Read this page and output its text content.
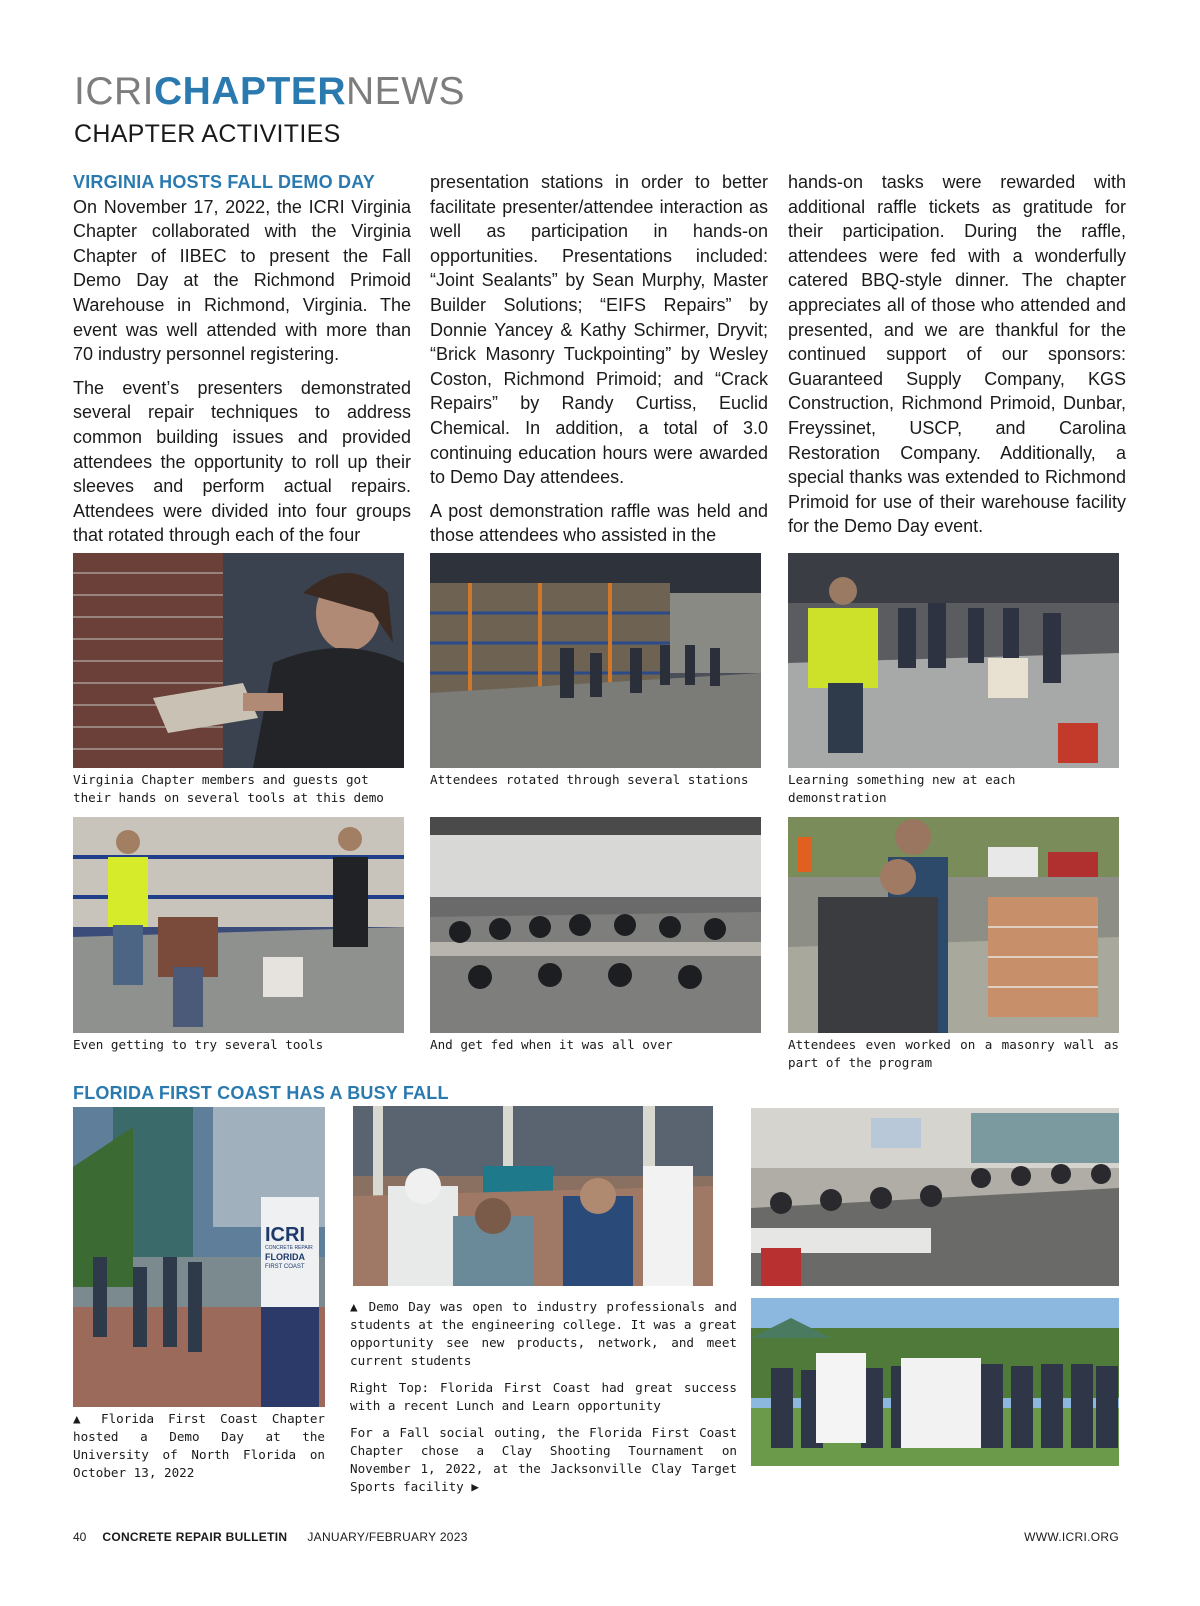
ICRICHAPTERNEWS
CHAPTER ACTIVITIES
VIRGINIA HOSTS FALL DEMO DAY

On November 17, 2022, the ICRI Virginia Chapter collaborated with the Virginia Chapter of IIBEC to present the Fall Demo Day at the Richmond Primoid Warehouse in Richmond, Virginia. The event was well attended with more than 70 industry personnel registering.

The event’s presenters demonstrated several repair techniques to address common building issues and provided attendees the opportunity to roll up their sleeves and perform actual repairs. Attendees were divided into four groups that rotated through each of the four

presentation stations in order to better facilitate presenter/attendee interaction as well as participation in hands-on opportunities. Presentations included: “Joint Sealants” by Sean Murphy, Master Builder Solutions; “EIFS Repairs” by Donnie Yancey & Kathy Schirmer, Dryvit; “Brick Masonry Tuckpointing” by Wesley Coston, Richmond Primoid; and “Crack Repairs” by Randy Curtiss, Euclid Chemical. In addition, a total of 3.0 continuing education hours were awarded to Demo Day attendees.

A post demonstration raffle was held and those attendees who assisted in the

hands-on tasks were rewarded with additional raffle tickets as gratitude for their participation. During the raffle, attendees were fed with a wonderfully catered BBQ-style dinner. The chapter appreciates all of those who attended and presented, and we are thankful for the continued support of our sponsors: Guaranteed Supply Company, KGS Construction, Richmond Primoid, Dunbar, Freyssinet, USCP, and Carolina Restoration Company. Additionally, a special thanks was extended to Richmond Primoid for use of their warehouse facility for the Demo Day event.

Virginia Chapter members and guests got their hands on several tools at this demo
Attendees rotated through several stations	Learning something new at each demonstration
Even getting to try several tools	And get fed when it was all over	Attendees even worked on a masonry wall as part of the program
FLORIDA FIRST COAST HAS A BUSY FALL
ICRI
CONCRETE REPAIR
FLORIDA
FIRST COAST

▲ Demo Day was open to industry professionals and students at the engineering college. It was a great opportunity see new products, network, and meet current students

Right Top: Florida First Coast had great success with a recent Lunch and Learn opportunity

For a Fall social outing, the Florida First Coast Chapter chose a Clay Shooting Tournament on November 1, 2022, at the Jacksonville Clay Target Sports facility ▶

▲ Florida First Coast Chapter hosted a Demo Day at the University of North Florida on October 13, 2022
40 CONCRETE REPAIR BULLETIN JANUARY/FEBRUARY 2023	WWW.ICRI.ORG
